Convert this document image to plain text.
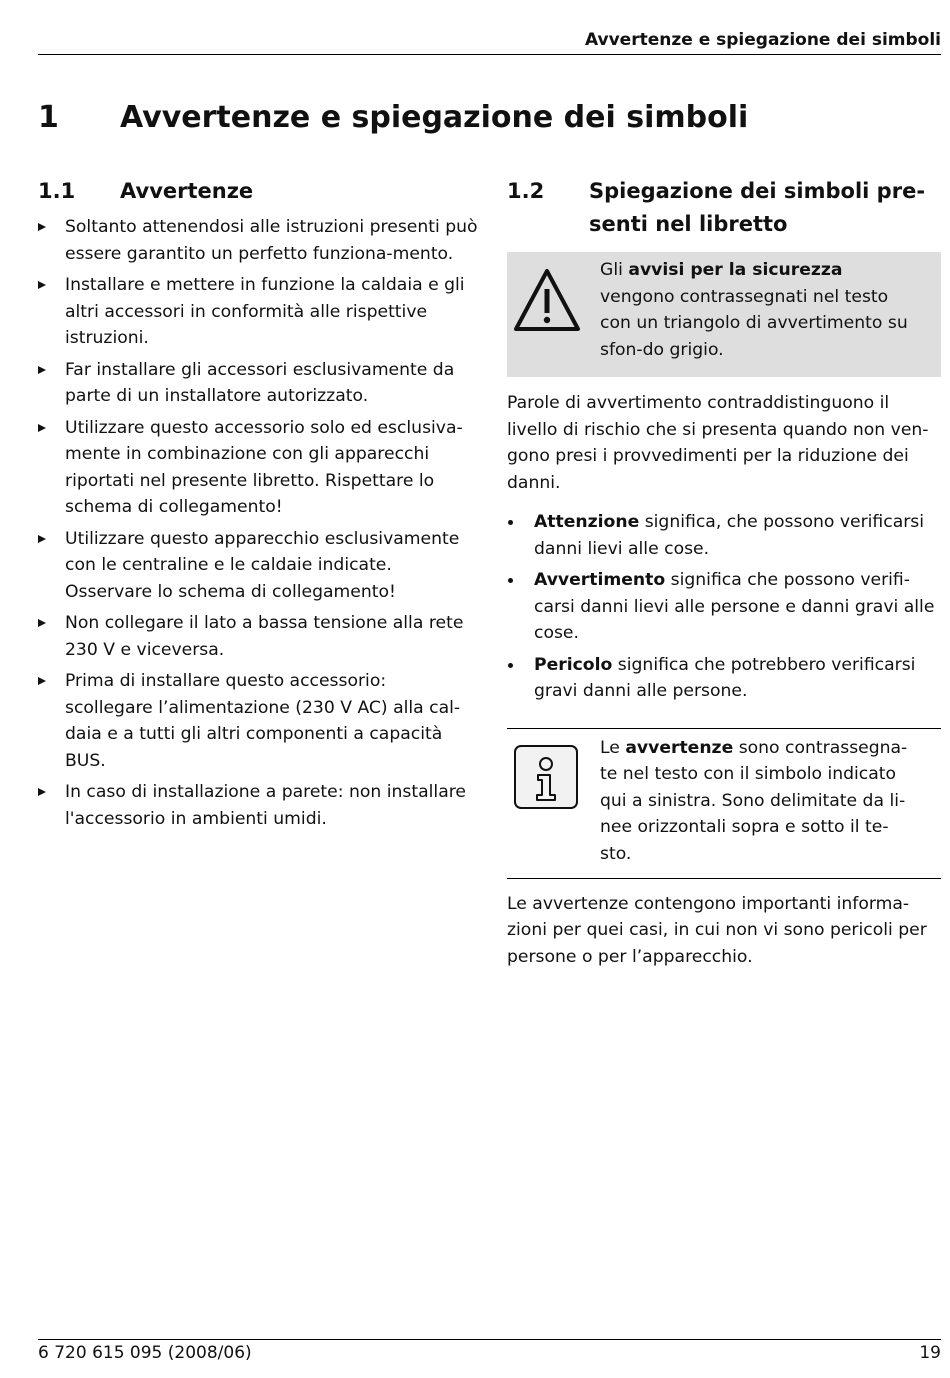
Avvertenze e spiegazione dei simboli
1 Avvertenze e spiegazione dei simboli
1.1 Avvertenze
Soltanto attenendosi alle istruzioni presenti può essere garantito un perfetto funziona-mento.
Installare e mettere in funzione la caldaia e gli altri accessori in conformità alle rispettive istruzioni.
Far installare gli accessori esclusivamente da parte di un installatore autorizzato.
Utilizzare questo accessorio solo ed esclusiva-mente in combinazione con gli apparecchi riportati nel presente libretto. Rispettare lo schema di collegamento!
Utilizzare questo apparecchio esclusivamente con le centraline e le caldaie indicate. Osservare lo schema di collegamento!
Non collegare il lato a bassa tensione alla rete 230 V e viceversa.
Prima di installare questo accessorio: scollegare l’alimentazione (230 V AC) alla cal-daia e a tutti gli altri componenti a capacità BUS.
In caso di installazione a parete: non installare l'accessorio in ambienti umidi.
1.2 Spiegazione dei simboli pre-senti nel libretto
Gli avvisi per la sicurezza vengono contrassegnati nel testo con un triangolo di avvertimento su sfon-do grigio.
Parole di avvertimento contraddistinguono il livello di rischio che si presenta quando non ven-gono presi i provvedimenti per la riduzione dei danni.
Attenzione significa, che possono verificarsi danni lievi alle cose.
Avvertimento significa che possono verifi-carsi danni lievi alle persone e danni gravi alle cose.
Pericolo significa che potrebbero verificarsi gravi danni alle persone.
Le avvertenze sono contrassegna-te nel testo con il simbolo indicato qui a sinistra. Sono delimitate da li-nee orizzontali sopra e sotto il te-sto.
Le avvertenze contengono importanti informa-zioni per quei casi, in cui non vi sono pericoli per persone o per l’apparecchio.
6 720 615 095 (2008/06)	19
